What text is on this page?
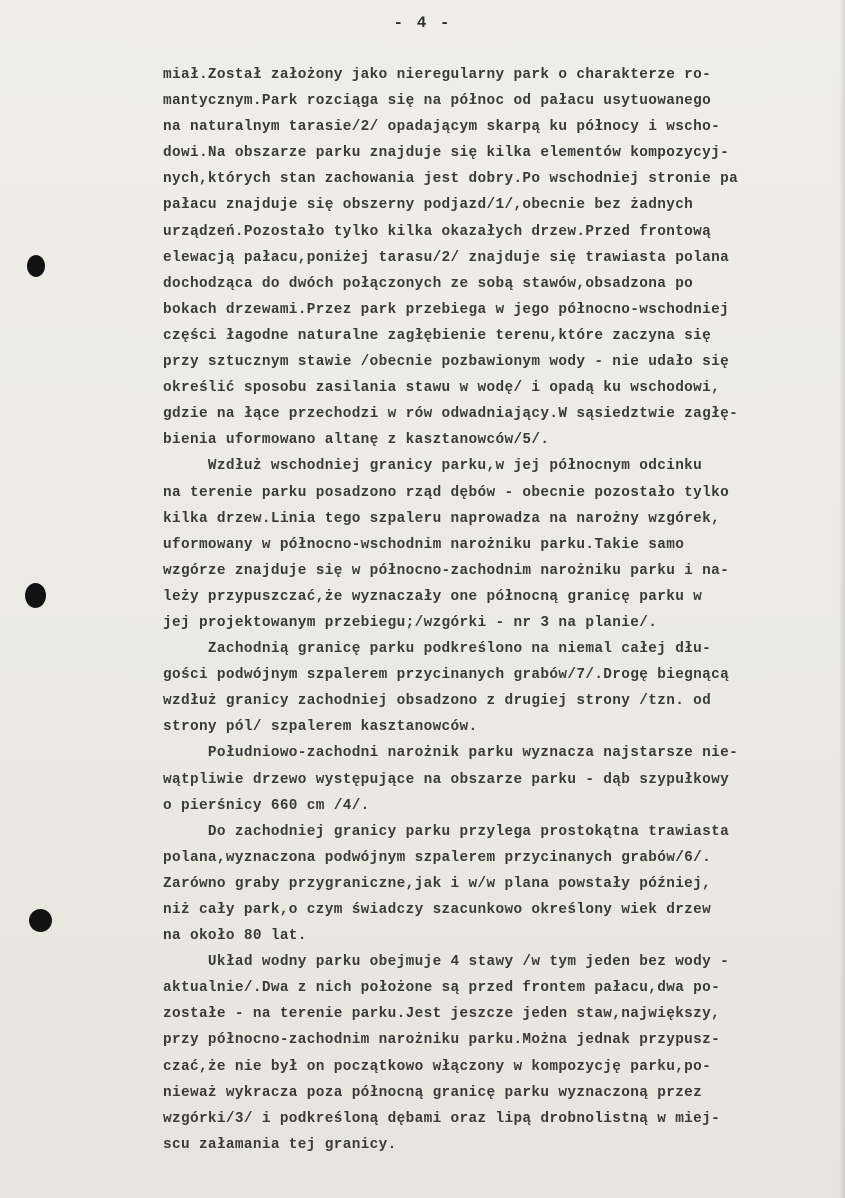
- 4 -
miał.Został założony jako nieregularny park o charakterze ro-
mantycznym.Park rozciąga się na północ od pałacu usytuowanego
na naturalnym tarasie/2/ opadającym skarpą ku północy i wscho-
dowi.Na obszarze parku znajduje się kilka elementów kompozycyj-
nych,których stan zachowania jest dobry.Po wschodniej stronie pa
pałacu znajduje się obszerny podjazd/1/,obecnie bez żadnych
urządzeń.Pozostało tylko kilka okazałych drzew.Przed frontową
elewacją pałacu,poniżej tarasu/2/ znajduje się trawiasta polana
dochodząca do dwóch połączonych ze sobą stawów,obsadzona po
bokach drzewami.Przez park przebiega w jego północno-wschodniej
części łagodne naturalne zagłębienie terenu,które zaczyna się
przy sztucznym stawie /obecnie pozbawionym wody - nie udało się
określić sposobu zasilania stawu w wodę/ i opadą ku wschodowi,
gdzie na łące przechodzi w rów odwadniający.W sąsiedztwie zagłę-
bienia uformowano altanę z kasztanowców/5/.
Wzdłuż wschodniej granicy parku,w jej północnym odcinku
na terenie parku posadzono rząd dębów - obecnie pozostało tylko
kilka drzew.Linia tego szpaleru naprowadza na narożny wzgórek,
uformowany w północno-wschodnim narożniku parku.Takie samo
wzgórze znajduje się w północno-zachodnim narożniku parku i na-
leży przypuszczać,że wyznaczały one północną granicę parku w
jej projektowanym przebiegu;/wzgórki - nr 3 na planie/.
Zachodnią granicę parku podkreślono na niemal całej dłu-
gości podwójnym szpalerem przycinanych grabów/7/.Drogę biegnącą
wzdłuż granicy zachodniej obsadzono z drugiej strony /tzn. od
strony pól/ szpalerem kasztanowców.
Południowo-zachodni narożnik parku wyznacza najstarsze nie-
wątpliwie drzewo występujące na obszarze parku - dąb szypułkowy
o pierśnicy 660 cm /4/.
Do zachodniej granicy parku przylega prostokątna trawiasta
polana,wyznaczona podwójnym szpalerem przycinanych grabów/6/.
Zarówno graby przygraniczne,jak i w/w plana powstały później,
niż cały park,o czym świadczy szacunkowo określony wiek drzew
na około 80 lat.
Układ wodny parku obejmuje 4 stawy /w tym jeden bez wody -
aktualnie/.Dwa z nich położone są przed frontem pałacu,dwa po-
zostałe - na terenie parku.Jest jeszcze jeden staw,największy,
przy północno-zachodnim narożniku parku.Można jednak przypusz-
czać,że nie był on początkowo włączony w kompozycję parku,po-
nieważ wykracza poza północną granicę parku wyznaczoną przez
wzgórki/3/ i podkreśloną dębami oraz lipą drobnolistną w miej-
scu załamania tej granicy.
